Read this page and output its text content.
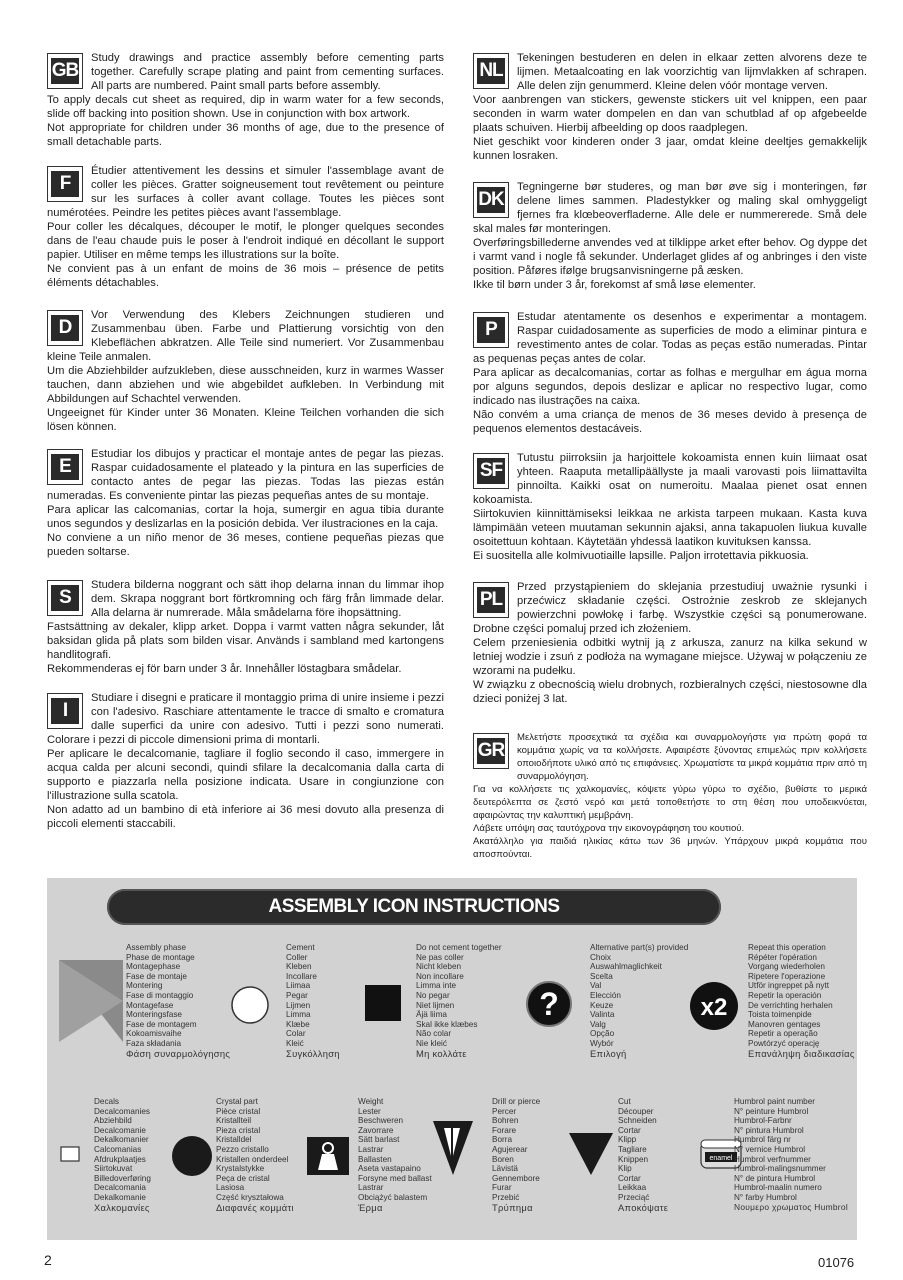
GB

Study drawings and practice assembly before cementing parts together. Carefully scrape plating and paint from cementing surfaces. All parts are numbered. Paint small parts before assembly.

To apply decals cut sheet as required, dip in warm water for a few seconds, slide off backing into position shown. Use in conjunction with box artwork.

Not appropriate for children under 36 months of age, due to the presence of small detachable parts.

F

Étudier attentivement les dessins et simuler l'assemblage avant de coller les pièces. Gratter soigneusement tout revêtement ou peinture sur les surfaces à coller avant collage. Toutes les pièces sont numérotées. Peindre les petites pièces avant l'assemblage.

Pour coller les décalques, découper le motif, le plonger quelques secondes dans de l'eau chaude puis le poser à l'endroit indiqué en décollant le support papier. Utiliser en même temps les illustrations sur la boîte.

Ne convient pas à un enfant de moins de 36 mois – présence de petits éléments détachables.

D

Vor Verwendung des Klebers Zeichnungen studieren und Zusammenbau üben. Farbe und Plattierung vorsichtig von den Klebeflächen abkratzen. Alle Teile sind numeriert. Vor Zusammenbau kleine Teile anmalen.

Um die Abziehbilder aufzukleben, diese ausschneiden, kurz in warmes Wasser tauchen, dann abziehen und wie abgebildet aufkleben. In Verbindung mit Abbildungen auf Schachtel verwenden.

Ungeeignet für Kinder unter 36 Monaten. Kleine Teilchen vorhanden die sich lösen können.

E

Estudiar los dibujos y practicar el montaje antes de pegar las piezas. Raspar cuidadosamente el plateado y la pintura en las superficies de contacto antes de pegar las piezas. Todas las piezas están numeradas. Es conveniente pintar las piezas pequeñas antes de su montaje.

Para aplicar las calcomanias, cortar la hoja, sumergir en agua tibia durante unos segundos y deslizarlas en la posición debida. Ver ilustraciones en la caja.

No conviene a un niño menor de 36 meses, contiene pequeñas piezas que pueden soltarse.

S

Studera bilderna noggrant och sätt ihop delarna innan du limmar ihop dem. Skrapa noggrant bort förtkromning och färg från limmade delar. Alla delarna är numrerade. Måla smådelarna före ihopsättning.

Fastsättning av dekaler, klipp arket. Doppa i varmt vatten några sekunder, låt baksidan glida på plats som bilden visar. Används i sambland med kartongens handlitografi.

Rekommenderas ej för barn under 3 år. Innehåller löstagbara smådelar.

I

Studiare i disegni e praticare il montaggio prima di unire insieme i pezzi con l'adesivo. Raschiare attentamente le tracce di smalto e cromatura dalle superfici da unire con adesivo. Tutti i pezzi sono numerati. Colorare i pezzi di piccole dimensioni prima di montarli.

Per aplicare le decalcomanie, tagliare il foglio secondo il caso, immergere in acqua calda per alcuni secondi, quindi sfilare la decalcomania dalla carta di supporto e piazzarla nella posizione indicata. Usare in congiunzione con l'illustrazione sulla scatola.

Non adatto ad un bambino di età inferiore ai 36 mesi dovuto alla presenza di piccoli elementi staccabili.

NL

Tekeningen bestuderen en delen in elkaar zetten alvorens deze te lijmen. Metaalcoating en lak voorzichtig van lijmvlakken af schrapen. Alle delen zijn genummerd. Kleine delen vóór montage verven.

Voor aanbrengen van stickers, gewenste stickers uit vel knippen, een paar seconden in warm water dompelen en dan van schutblad af op afgebeelde plaats schuiven. Hierbij afbeelding op doos raadplegen.

Niet geschikt voor kinderen onder 3 jaar, omdat kleine deeltjes gemakkelijk kunnen losraken.

DK

Tegningerne bør studeres, og man bør øve sig i monteringen, før delene limes sammen. Pladestykker og maling skal omhyggeligt fjernes fra klœbeoverfladerne. Alle dele er nummererede. Små dele skal males før monteringen.

Overføringsbillederne anvendes ved at tilklippe arket efter behov. Og dyppe det i varmt vand i nogle få sekunder. Underlaget glides af og anbringes i den viste position. Påføres ifølge brugsanvisningerne på æsken.

Ikke til børn under 3 år, forekomst af små løse elementer.

P

Estudar atentamente os desenhos e experimentar a montagem. Raspar cuidadosamente as superficies de modo a eliminar pintura e revestimento antes de colar. Todas as peças estão numeradas. Pintar as pequenas peças antes de colar.

Para aplicar as decalcomanias, cortar as folhas e mergulhar em água morna por alguns segundos, depois deslizar e aplicar no respectivo lugar, como indicado nas ilustrações na caixa.

Não convém a uma criança de menos de 36 meses devido à presença de pequenos elementos destacáveis.

SF

Tutustu piirroksiin ja harjoittele kokoamista ennen kuin liimaat osat yhteen. Raaputa metallipäällyste ja maali varovasti pois liimattavilta pinnoilta. Kaikki osat on numeroitu. Maalaa pienet osat ennen kokoamista.

Siirtokuvien kiinnittämiseksi leikkaa ne arkista tarpeen mukaan. Kasta kuva lämpimään veteen muutaman sekunnin ajaksi, anna takapuolen liukua kuvalle osoitettuun kohtaan. Käytetään yhdessä laatikon kuvituksen kanssa.

Ei suositella alle kolmivuotiaille lapsille. Paljon irrotettavia pikkuosia.

PL

Przed przystąpieniem do sklejania przestudiuj uważnie rysunki i przećwicz składanie części. Ostrożnie zeskrob ze sklejanych powierzchni powłokę i farbę. Wszystkie części są ponumerowane. Drobne części pomaluj przed ich złożeniem.

Celem przeniesienia odbitki wytnij ją z arkusza, zanurz na kilka sekund w letniej wodzie i zsuń z podłoża na wymagane miejsce. Używaj w połączeniu ze wzorami na pudełku.

W związku z obecnością wielu drobnych, rozbieralnych części, niestosowne dla dzieci poniżej 3 lat.

GR

Μελετήστε προσεχτικά τα σχέδια και συναρμολογήστε για πρώτη φορά τα κομμάτια χωρίς να τα κολλήσετε. Αφαιρέστε ξύνοντας επιμελώς πριν κολλήσετε οποιοδήποτε υλικό από τις επιφάνειες. Χρωματίστε τα μικρά κομμάτια πριν από τη συναρμολόγηση.

Για να κολλήσετε τις χαλκομανίες, κόψετε γύρω γύρω το σχέδιο, βυθίστε το μερικά δευτερόλεπτα σε ζεστό νερό και μετά τοποθετήστε το στη θέση που υποδεικνύεται, αφαιρώντας την καλυπτική μεμβράνη.

Λάβετε υπόψη σας ταυτόχρονα την εικονογράφηση του κουτιού.

Ακατάλληλο για παιδιά ηλικίας κάτω των 36 μηνών. Υπάρχουν μικρά κομμάτια που αποσπούνται.

ASSEMBLY ICON INSTRUCTIONS
Assembly phase
Phase de montage
Montagephase
Fase de montaje
Montering
Fase di montaggio
Montagefase
Monteringsfase
Fase de montagem
Kokoamisvaihe
Faza składania
Φάση συναρμολόγησης
Cement
Coller
Kleben
Incollare
Liimaa
Pegar
Lijmen
Limma
Klæbe
Colar
Kleić
Συγκόλληση
Do not cement together
Ne pas coller
Nicht kleben
Non incollare
Limma inte
No pegar
Niet lijmen
Äjä liima
Skal ikke klæbes
Não colar
Nie kleić
Μη κολλάτε
?
Alternative part(s) provided
Choix
Auswahlmaglichkeit
Scelta
Val
Elección
Keuze
Valinta
Valg
Opção
Wybór
Επιλογή
x2
Repeat this operation
Répéter l'opération
Vorgang wiederholen
Ripetere l'operazione
Utför ingreppet på nytt
Repetir la operación
De verrichting herhalen
Toista toimenpide
Manovren gentages
Repetir a operação
Powtórzyć operację
Επανάληψη διαδικασίας
Decals
Decalcomanies
Abziehbild
Decalcomanie
Dekalkomanier
Calcomanias
Afdrukplaatjes
Siirtokuvat
Billedoverføring
Decalcomania
Dekalkomanie
Χαλκομανίες
Crystal part
Pièce cristal
Kristallteil
Pieza cristal
Kristalldel
Pezzo cristallo
Kristallen onderdeel
Krystalstykke
Peça de cristal
Lasiosa
Część kryształowa
Διαφανές κομμάτι
Weight
Lester
Beschweren
Zavorrare
Sätt barlast
Lastrar
Ballasten
Aseta vastapaino
Forsyne med ballast
Lastrar
Obciążyć balastem
Έρμα
Drill or pierce
Percer
Bohren
Forare
Borra
Agujerear
Boren
Lävistä
Gennembore
Furar
Przebić
Τρύπημα
Cut
Découper
Schneiden
Cortar
Klipp
Tagliare
Knippen
Klip
Cortar
Leikkaa
Przeciąć
Αποκόψατε
enamel
Humbrol paint number
N° peinture Humbrol
Humbrol-Farbnr
N° pintura Humbrol
Humbrol färg nr
N° vernice Humbrol
Humbrol verfnummer
Humbrol-malingsnummer
N° de pintura Humbrol
Humbrol-maalin numero
N° farby Humbrol
Νουμερο χρωματος Humbrol
2	01076
